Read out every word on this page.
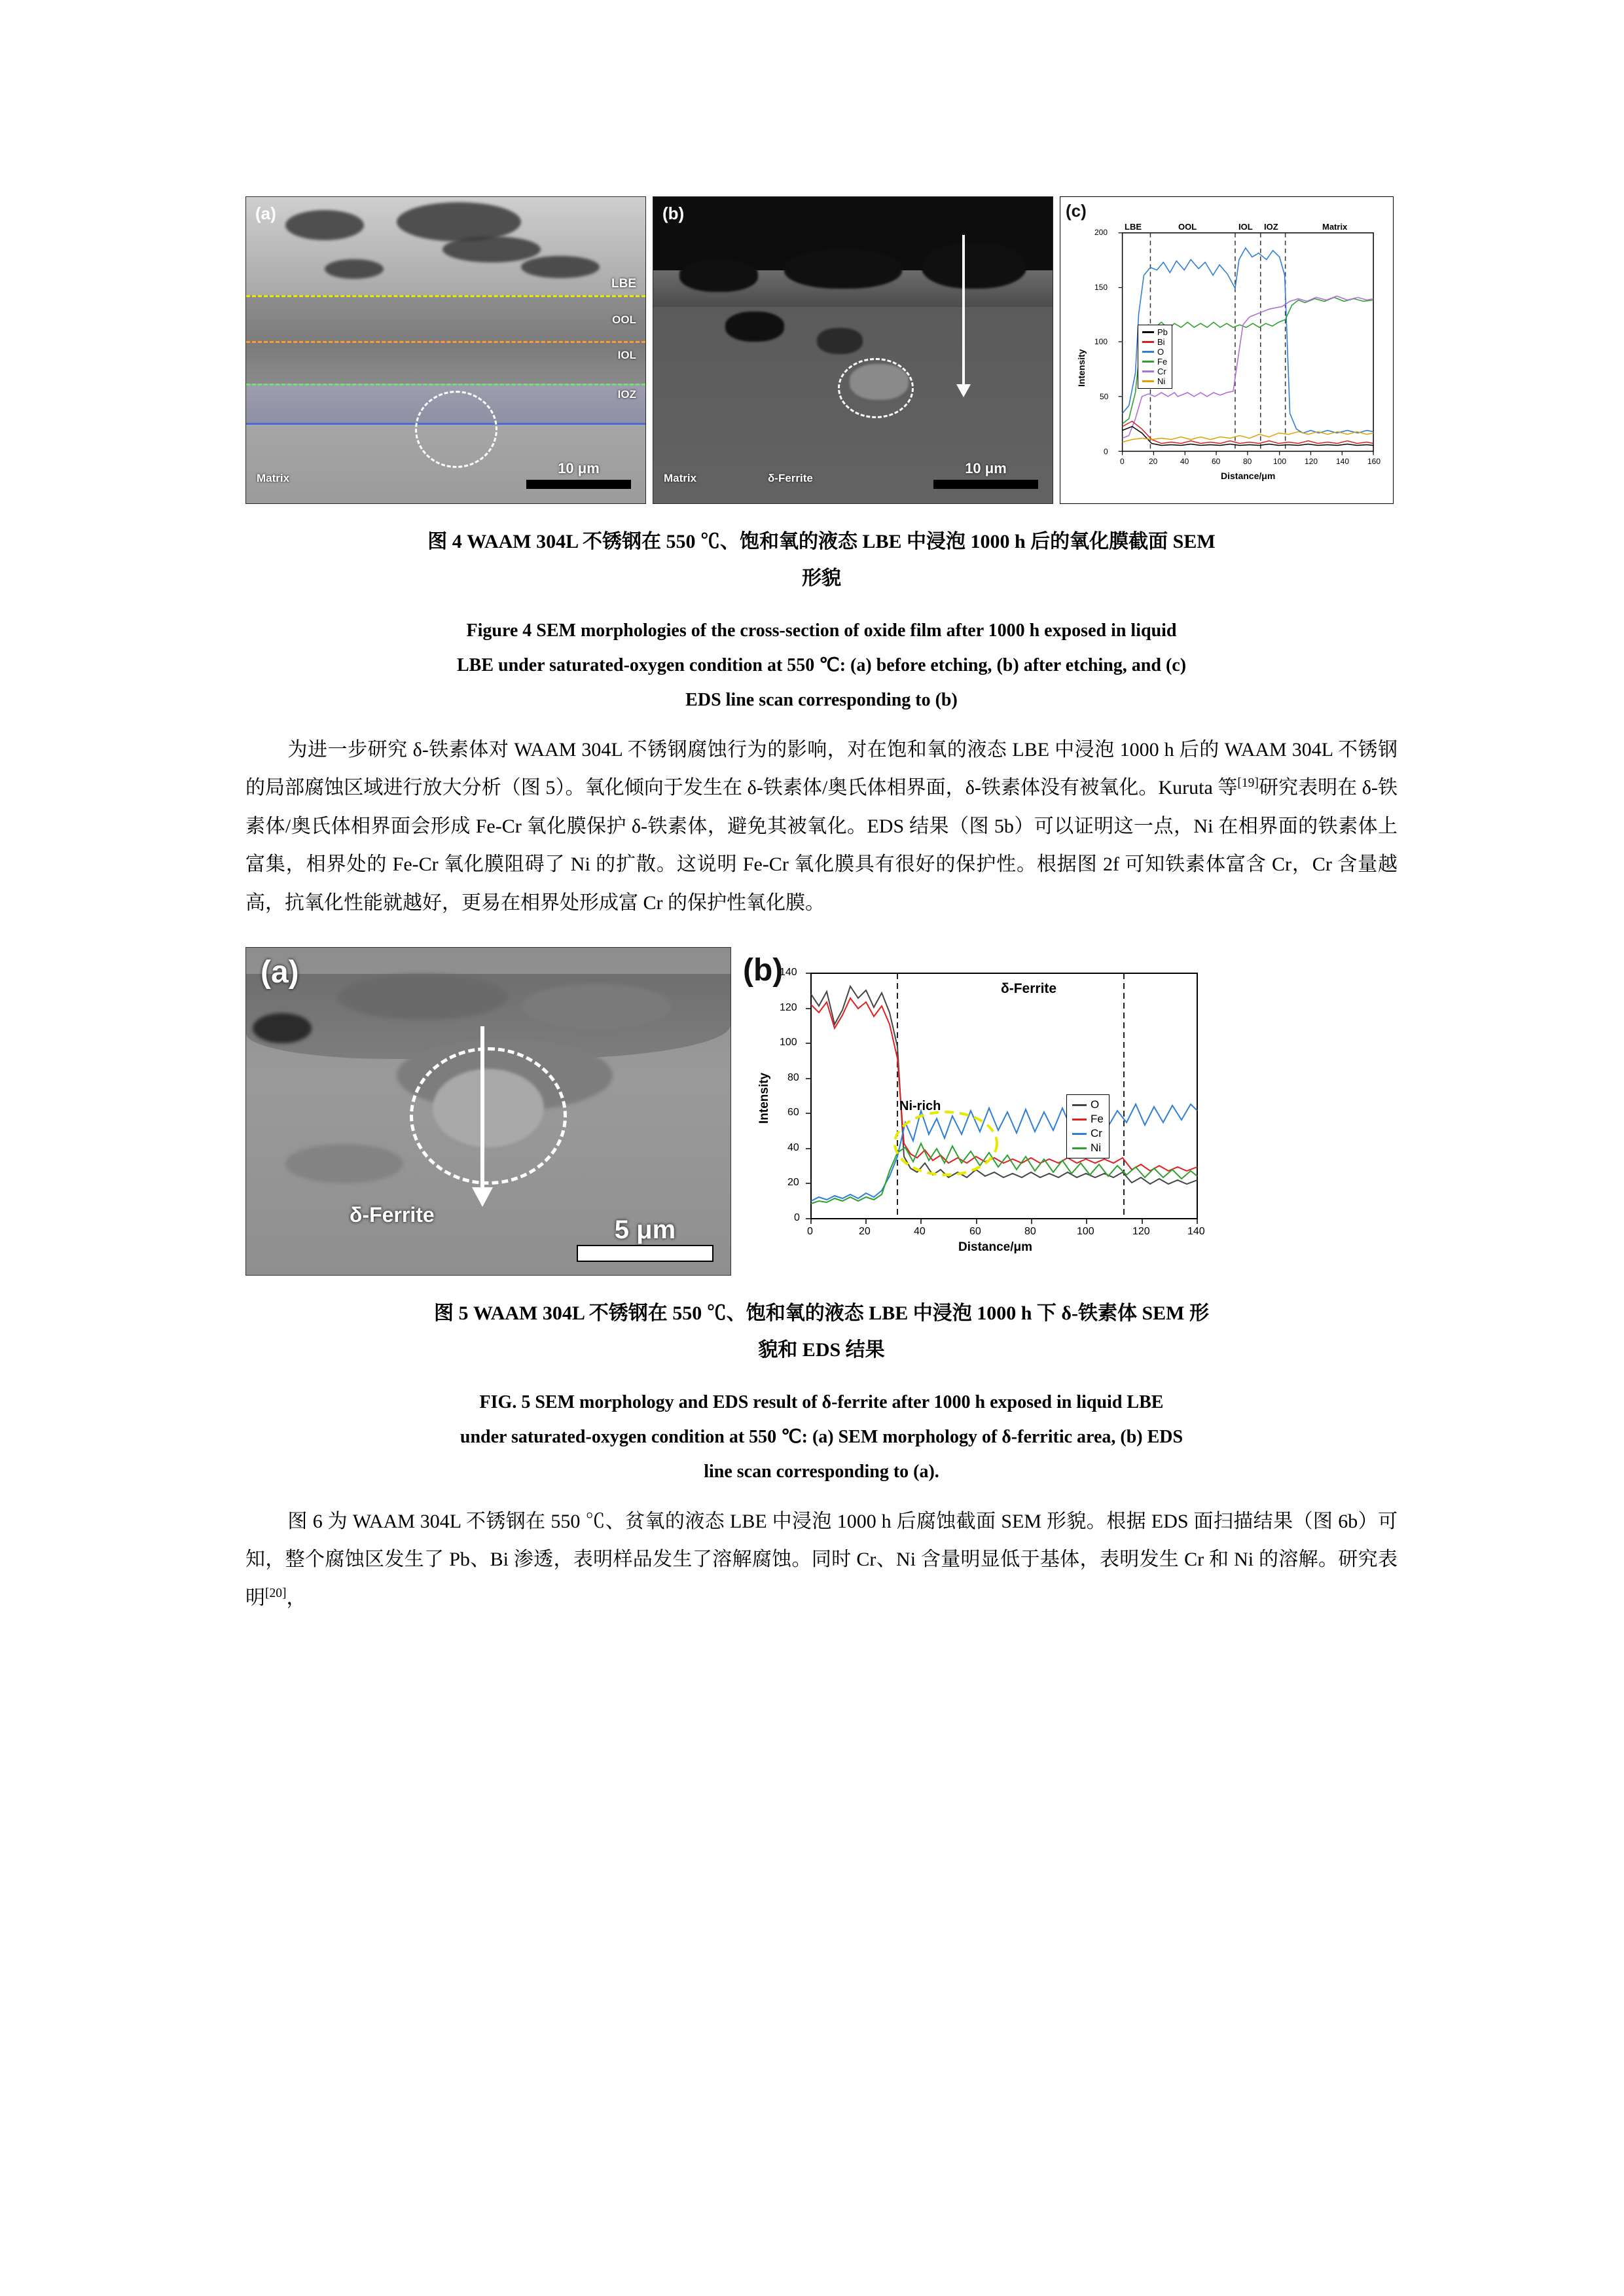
(a)
LBE
OOL
IOL
IOZ
Matrix
10 μm
(b)
Matrix	δ-Ferrite
10 μm
(c)
Intensity
Distance/μm
200
150
100
50
0
0	20	40	60	80	100 120 140 160
LBE	OOL	IOL IOZ	Matrix
Pb
Bi
O
Fe
Cr
Ni
图 4 WAAM 304L 不锈钢在 550 ℃、饱和氧的液态 LBE 中浸泡 1000 h 后的氧化膜截面 SEM
形貌
Figure 4 SEM morphologies of the cross-section of oxide film after 1000 h exposed in liquid
LBE under saturated-oxygen condition at 550 ℃: (a) before etching, (b) after etching, and (c)
EDS line scan corresponding to (b)

为进一步研究 δ-铁素体对 WAAM 304L 不锈钢腐蚀行为的影响，对在饱和氧的液态 LBE 中浸泡 1000 h 后的 WAAM 304L 不锈钢的局部腐蚀区域进行放大分析（图 5）。氧化倾向于发生在 δ-铁素体/奥氏体相界面，δ-铁素体没有被氧化。Kuruta 等[19]研究表明在 δ-铁素体/奥氏体相界面会形成 Fe-Cr 氧化膜保护 δ-铁素体，避免其被氧化。EDS 结果（图 5b）可以证明这一点，Ni 在相界面的铁素体上富集，相界处的 Fe-Cr 氧化膜阻碍了 Ni 的扩散。这说明 Fe-Cr 氧化膜具有很好的保护性。根据图 2f 可知铁素体富含 Cr，Cr 含量越高，抗氧化性能就越好，更易在相界处形成富 Cr 的保护性氧化膜。

(a)
δ-Ferrite
5 μm
(b)
Intensity
Distance/μm
140
120
100
80
60
40
20
0
0	20	40	60	80	100	120	140
δ-Ferrite
Ni-rich	O
Fe
Cr
Ni
图 5 WAAM 304L 不锈钢在 550 ℃、饱和氧的液态 LBE 中浸泡 1000 h 下 δ-铁素体 SEM 形
貌和 EDS 结果
FIG. 5 SEM morphology and EDS result of δ-ferrite after 1000 h exposed in liquid LBE
under saturated-oxygen condition at 550 ℃: (a) SEM morphology of δ-ferritic area, (b) EDS
line scan corresponding to (a).

图 6 为 WAAM 304L 不锈钢在 550 ℃、贫氧的液态 LBE 中浸泡 1000 h 后腐蚀截面 SEM 形貌。根据 EDS 面扫描结果（图 6b）可知，整个腐蚀区发生了 Pb、Bi 渗透，表明样品发生了溶解腐蚀。同时 Cr、Ni 含量明显低于基体，表明发生 Cr 和 Ni 的溶解。研究表明[20]，
